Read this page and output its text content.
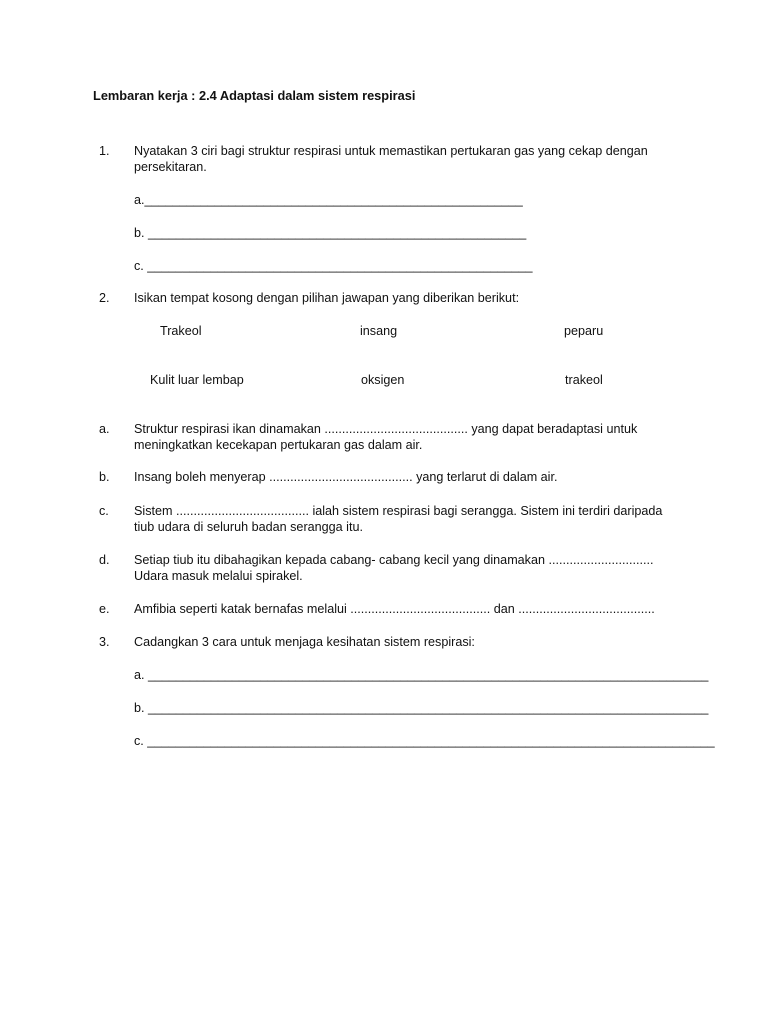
Lembaran kerja : 2.4 Adaptasi dalam sistem respirasi
1. Nyatakan 3 ciri bagi struktur respirasi untuk memastikan pertukaran gas yang cekap dengan persekitaran.
a.______________________________________________________
b. ______________________________________________________
c. _______________________________________________________
2. Isikan tempat kosong dengan pilihan jawapan yang diberikan berikut:
Trakeol	insang	peparu
Kulit luar lembap	oksigen	trakeol
a. Struktur respirasi ikan dinamakan ......................................... yang dapat beradaptasi untuk meningkatkan kecekapan pertukaran gas dalam air.
b. Insang boleh menyerap ......................................... yang terlarut di dalam air.
c. Sistem ...................................... ialah sistem respirasi bagi serangga. Sistem ini terdiri daripada tiub udara di seluruh badan serangga itu.
d. Setiap tiub itu dibahagikan kepada cabang- cabang kecil yang dinamakan .............................. Udara masuk melalui spirakel.
e. Amfibia seperti katak bernafas melalui ........................................ dan .......................................
3. Cadangkan 3 cara untuk menjaga kesihatan sistem respirasi:
a. ________________________________________________________________________________
b. ________________________________________________________________________________
c. _________________________________________________________________________________
